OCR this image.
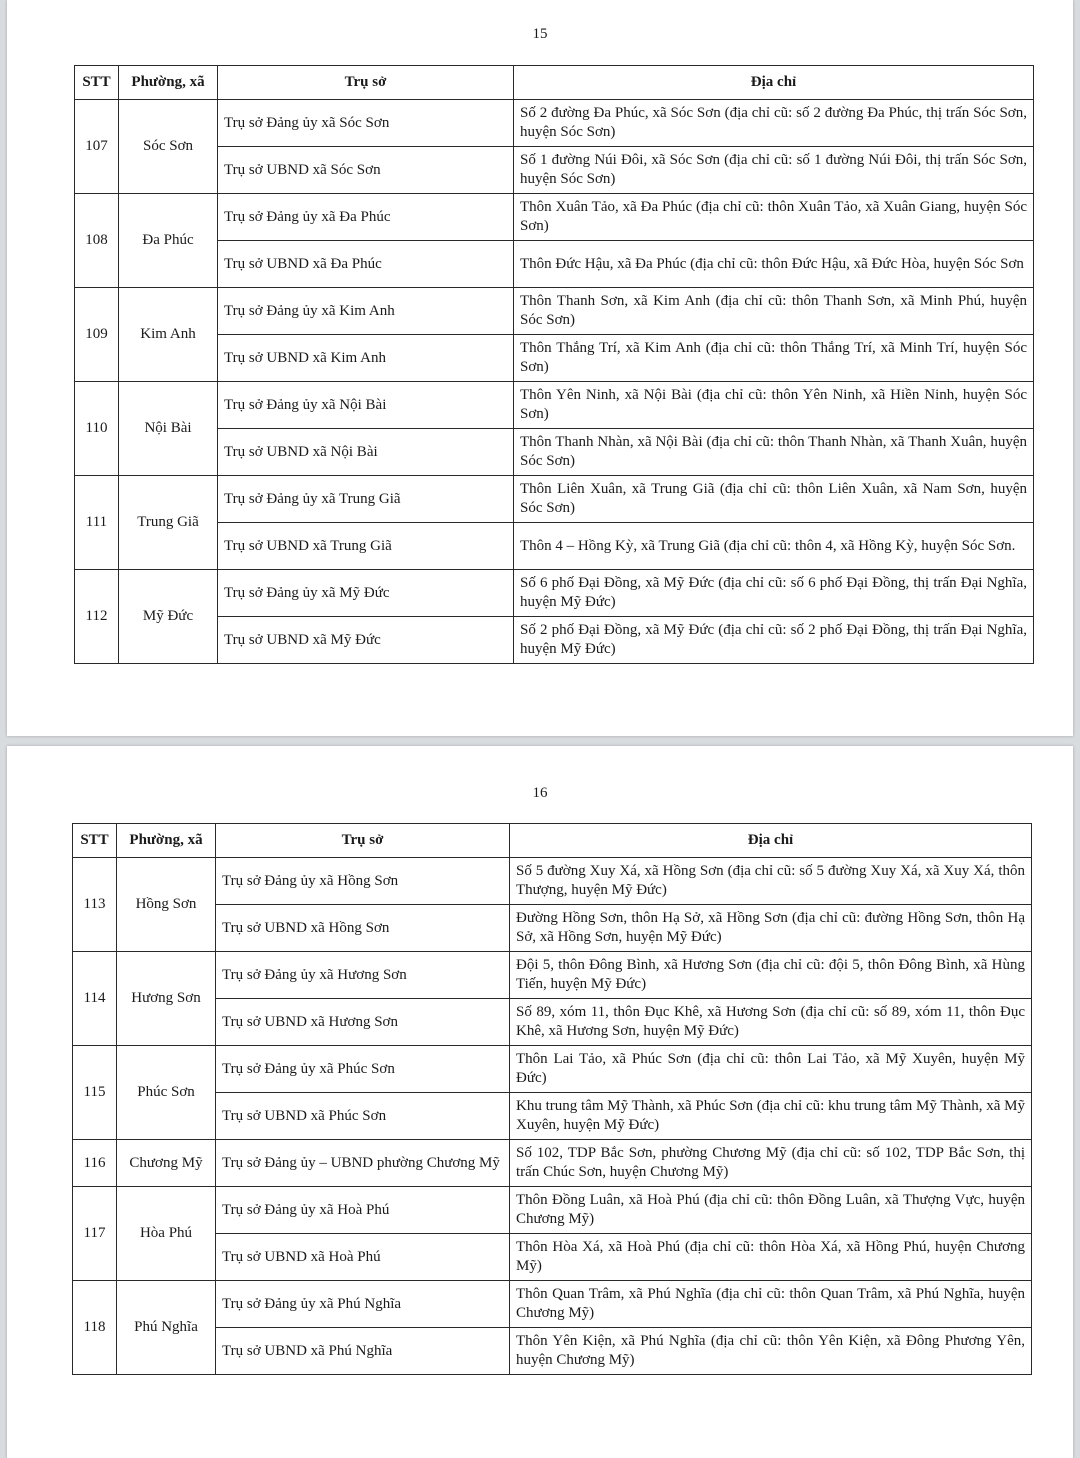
15
STT	Phường, xã	Trụ sở	Địa chỉ
107	Sóc Sơn	Trụ sở Đảng ủy xã Sóc Sơn	Số 2 đường Đa Phúc, xã Sóc Sơn (địa chỉ cũ: số 2 đường Đa Phúc, thị trấn Sóc Sơn, huyện Sóc Sơn)
		Trụ sở UBND xã Sóc Sơn	Số 1 đường Núi Đôi, xã Sóc Sơn (địa chỉ cũ: số 1 đường Núi Đôi, thị trấn Sóc Sơn, huyện Sóc Sơn)
108	Đa Phúc	Trụ sở Đảng ủy xã Đa Phúc	Thôn Xuân Tảo, xã Đa Phúc (địa chỉ cũ: thôn Xuân Tảo, xã Xuân Giang, huyện Sóc Sơn)
		Trụ sở UBND xã Đa Phúc	Thôn Đức Hậu, xã Đa Phúc (địa chỉ cũ: thôn Đức Hậu, xã Đức Hòa, huyện Sóc Sơn
109	Kim Anh	Trụ sở Đảng ủy xã Kim Anh	Thôn Thanh Sơn, xã Kim Anh (địa chỉ cũ: thôn Thanh Sơn, xã Minh Phú, huyện Sóc Sơn)
		Trụ sở UBND xã Kim Anh	Thôn Thắng Trí, xã Kim Anh (địa chỉ cũ: thôn Thắng Trí, xã Minh Trí, huyện Sóc Sơn)
110	Nội Bài	Trụ sở Đảng ủy xã Nội Bài	Thôn Yên Ninh, xã Nội Bài (địa chỉ cũ: thôn Yên Ninh, xã Hiền Ninh, huyện Sóc Sơn)
		Trụ sở UBND xã Nội Bài	Thôn Thanh Nhàn, xã Nội Bài (địa chỉ cũ: thôn Thanh Nhàn, xã Thanh Xuân, huyện Sóc Sơn)
111	Trung Giã	Trụ sở Đảng ủy xã Trung Giã	Thôn Liên Xuân, xã Trung Giã (địa chỉ cũ: thôn Liên Xuân, xã Nam Sơn, huyện Sóc Sơn)
		Trụ sở UBND xã Trung Giã	Thôn 4 – Hồng Kỳ, xã Trung Giã (địa chỉ cũ: thôn 4, xã Hồng Kỳ, huyện Sóc Sơn.
112	Mỹ Đức	Trụ sở Đảng ủy xã Mỹ Đức	Số 6 phố Đại Đồng, xã Mỹ Đức (địa chỉ cũ: số 6 phố Đại Đồng, thị trấn Đại Nghĩa, huyện Mỹ Đức)
		Trụ sở UBND xã Mỹ Đức	Số 2 phố Đại Đồng, xã Mỹ Đức (địa chỉ cũ: số 2 phố Đại Đồng, thị trấn Đại Nghĩa, huyện Mỹ Đức)
16
STT	Phường, xã	Trụ sở	Địa chỉ
113	Hồng Sơn	Trụ sở Đảng ủy xã Hồng Sơn	Số 5 đường Xuy Xá, xã Hồng Sơn (địa chỉ cũ: số 5 đường Xuy Xá, xã Xuy Xá, thôn Thượng, huyện Mỹ Đức)
		Trụ sở UBND xã Hồng Sơn	Đường Hồng Sơn, thôn Hạ Sở, xã Hồng Sơn (địa chỉ cũ: đường Hồng Sơn, thôn Hạ Sở, xã Hồng Sơn, huyện Mỹ Đức)
114	Hương Sơn	Trụ sở Đảng ủy xã Hương Sơn	Đội 5, thôn Đông Bình, xã Hương Sơn (địa chỉ cũ: đội 5, thôn Đông Bình, xã Hùng Tiến, huyện Mỹ Đức)
		Trụ sở UBND xã Hương Sơn	Số 89, xóm 11, thôn Đục Khê, xã Hương Sơn (địa chỉ cũ: số 89, xóm 11, thôn Đục Khê, xã Hương Sơn, huyện Mỹ Đức)
115	Phúc Sơn	Trụ sở Đảng ủy xã Phúc Sơn	Thôn Lai Tảo, xã Phúc Sơn (địa chỉ cũ: thôn Lai Tảo, xã Mỹ Xuyên, huyện Mỹ Đức)
		Trụ sở UBND xã Phúc Sơn	Khu trung tâm Mỹ Thành, xã Phúc Sơn (địa chỉ cũ: khu trung tâm Mỹ Thành, xã Mỹ Xuyên, huyện Mỹ Đức)
116	Chương Mỹ	Trụ sở Đảng ủy – UBND phường Chương Mỹ	Số 102, TDP Bắc Sơn, phường Chương Mỹ (địa chỉ cũ: số 102, TDP Bắc Sơn, thị trấn Chúc Sơn, huyện Chương Mỹ)
117	Hòa Phú	Trụ sở Đảng ủy xã Hoà Phú	Thôn Đồng Luân, xã Hoà Phú (địa chỉ cũ: thôn Đồng Luân, xã Thượng Vực, huyện Chương Mỹ)
		Trụ sở UBND xã Hoà Phú	Thôn Hòa Xá, xã Hoà Phú (địa chỉ cũ: thôn Hòa Xá, xã Hồng Phú, huyện Chương Mỹ)
118	Phú Nghĩa	Trụ sở Đảng ủy xã Phú Nghĩa	Thôn Quan Trâm, xã Phú Nghĩa (địa chỉ cũ: thôn Quan Trâm, xã Phú Nghĩa, huyện Chương Mỹ)
		Trụ sở UBND xã Phú Nghĩa	Thôn Yên Kiện, xã Phú Nghĩa (địa chỉ cũ: thôn Yên Kiện, xã Đông Phương Yên, huyện Chương Mỹ)
